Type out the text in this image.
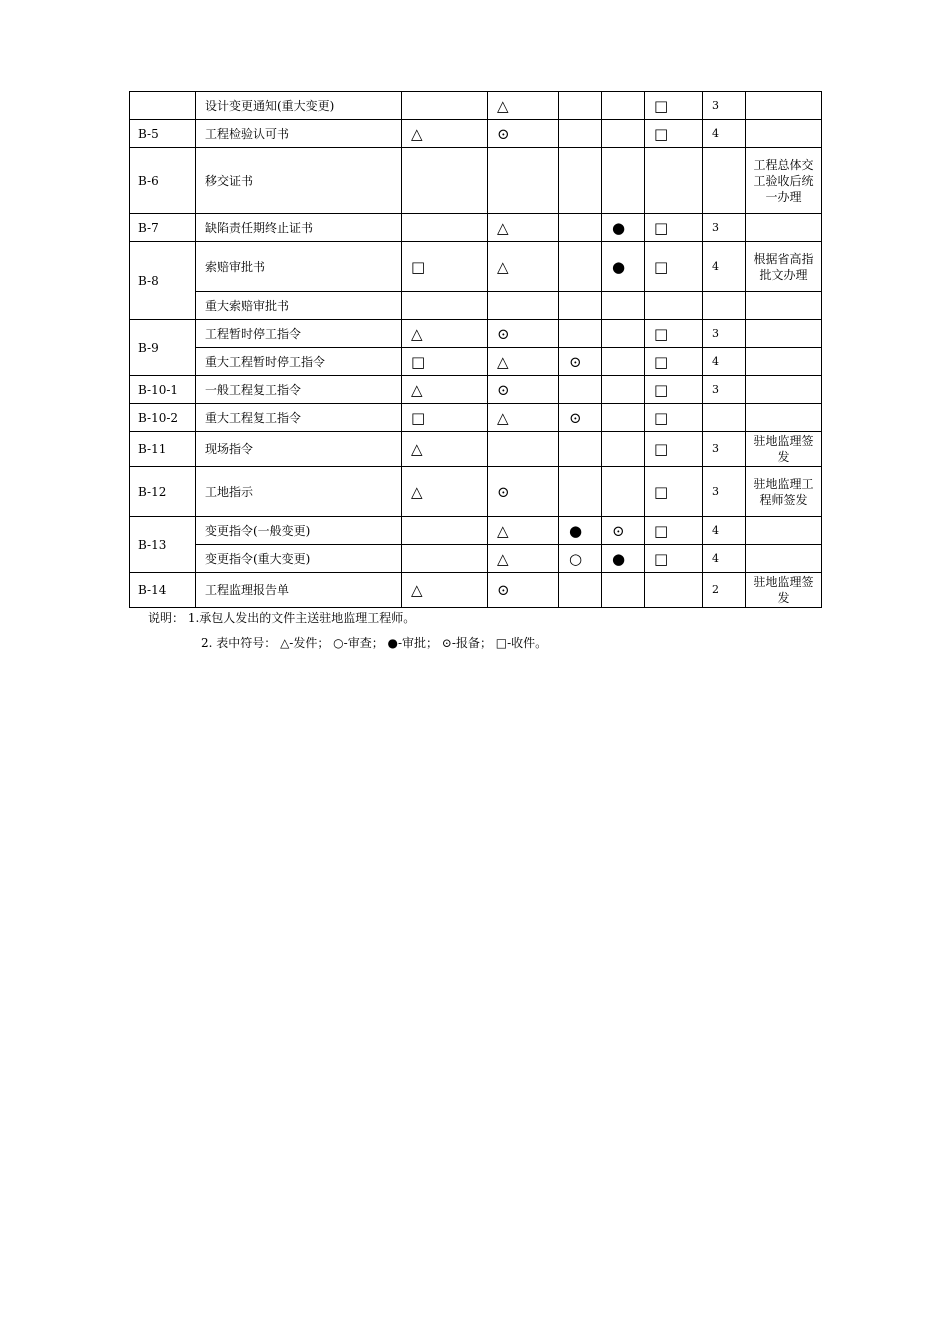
	设计变更通知(重大变更)		△			□	3	
B-5	工程检验认可书	△	⊙			□	4	
B-6	移交证书							工程总体交工验收后统一办理
B-7	缺陷责任期终止证书		△		●	□	3	
B-8	索赔审批书	□	△		●	□	4	根据省高指批文办理
	重大索赔审批书							
B-9	工程暂时停工指令	△	⊙			□	3	
	重大工程暂时停工指令	□	△	⊙		□	4	
B-10-1	一般工程复工指令	△	⊙			□	3	
B-10-2	重大工程复工指令	□	△	⊙		□		
B-11	现场指令	△				□	3	驻地监理签发
B-12	工地指示	△	⊙			□	3	驻地监理工程师签发
B-13	变更指令(一般变更)		△	●	⊙	□	4	
	变更指令(重大变更)		△	○	●	□	4	
B-14	工程监理报告单	△	⊙				2	驻地监理签发
说明： 1.承包人发出的文件主送驻地监理工程师。
2. 表中符号： △-发件； ○-审查； ●-审批； ⊙-报备； □-收件。
